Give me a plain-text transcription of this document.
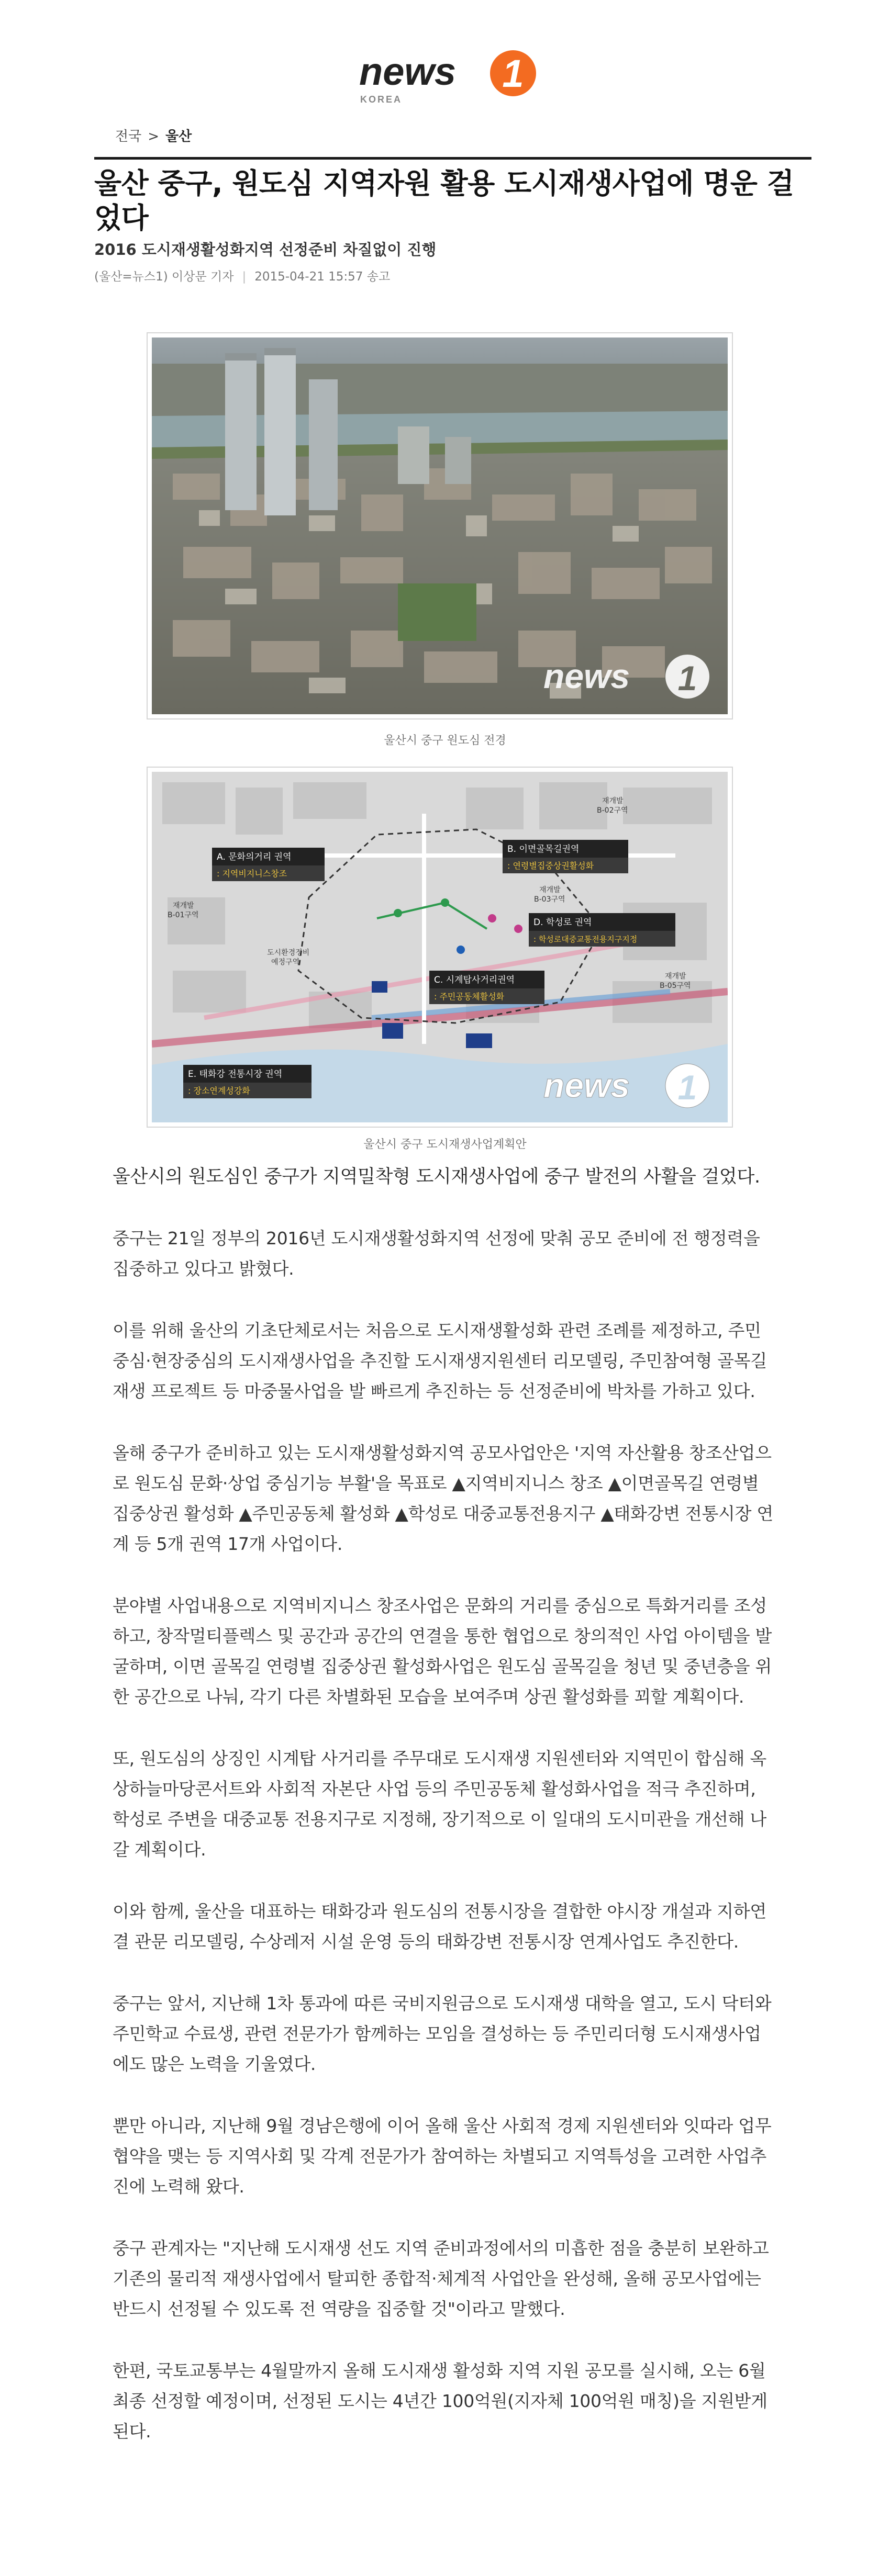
news 1
KOREA
전국 > 울산
울산 중구, 원도심 지역자원 활용 도시재생사업에 명운 걸었다
2016 도시재생활성화지역 선정준비 차질없이 진행
(울산=뉴스1) 이상문 기자 | 2015-04-21 15:57 송고
news 1
울산시 중구 원도심 전경
A. 문화의거리 권역
: 지역비지니스창조
B. 이면골목길권역
: 연령별집중상권활성화
D. 학성로 권역
: 학성로대중교통전용지구지정
C. 시계탑사거리권역
: 주민공동체활성화
E. 태화강 전통시장 권역
: 장소연계성강화
재개발 B-02구역
재개발 B-01구역
도시환경정비 예정구역
재개발 B-03구역
재개발 B-05구역
news 1
울산시 중구 도시재생사업계획안

울산시의 원도심인 중구가 지역밀착형 도시재생사업에 중구 발전의 사활을 걸었다.

중구는 21일 정부의 2016년 도시재생활성화지역 선정에 맞춰 공모 준비에 전 행정력을 집중하고 있다고 밝혔다.

이를 위해 울산의 기초단체로서는 처음으로 도시재생활성화 관련 조례를 제정하고, 주민중심·현장중심의 도시재생사업을 추진할 도시재생지원센터 리모델링, 주민참여형 골목길 재생 프로젝트 등 마중물사업을 발 빠르게 추진하는 등 선정준비에 박차를 가하고 있다.

올해 중구가 준비하고 있는 도시재생활성화지역 공모사업안은 '지역 자산활용 창조산업으로 원도심 문화·상업 중심기능 부활'을 목표로 ▲지역비지니스 창조 ▲이면골목길 연령별 집중상권 활성화 ▲주민공동체 활성화 ▲학성로 대중교통전용지구 ▲태화강변 전통시장 연계 등 5개 권역 17개 사업이다.

분야별 사업내용으로 지역비지니스 창조사업은 문화의 거리를 중심으로 특화거리를 조성하고, 창작멀티플렉스 및 공간과 공간의 연결을 통한 협업으로 창의적인 사업 아이템을 발굴하며, 이면 골목길 연령별 집중상권 활성화사업은 원도심 골목길을 청년 및 중년층을 위한 공간으로 나눠, 각기 다른 차별화된 모습을 보여주며 상권 활성화를 꾀할 계획이다.

또, 원도심의 상징인 시계탑 사거리를 주무대로 도시재생 지원센터와 지역민이 합심해 옥상하늘마당콘서트와 사회적 자본단 사업 등의 주민공동체 활성화사업을 적극 추진하며, 학성로 주변을 대중교통 전용지구로 지정해, 장기적으로 이 일대의 도시미관을 개선해 나갈 계획이다.

이와 함께, 울산을 대표하는 태화강과 원도심의 전통시장을 결합한 야시장 개설과 지하연결 관문 리모델링, 수상레저 시설 운영 등의 태화강변 전통시장 연계사업도 추진한다.

중구는 앞서, 지난해 1차 통과에 따른 국비지원금으로 도시재생 대학을 열고, 도시 닥터와 주민학교 수료생, 관련 전문가가 함께하는 모임을 결성하는 등 주민리더형 도시재생사업에도 많은 노력을 기울였다.

뿐만 아니라, 지난해 9월 경남은행에 이어 올해 울산 사회적 경제 지원센터와 잇따라 업무 협약을 맺는 등 지역사회 및 각계 전문가가 참여하는 차별되고 지역특성을 고려한 사업추진에 노력해 왔다.

중구 관계자는 "지난해 도시재생 선도 지역 준비과정에서의 미흡한 점을 충분히 보완하고 기존의 물리적 재생사업에서 탈피한 종합적·체계적 사업안을 완성해, 올해 공모사업에는 반드시 선정될 수 있도록 전 역량을 집중할 것"이라고 말했다.

한편, 국토교통부는 4월말까지 올해 도시재생 활성화 지역 지원 공모를 실시해, 오는 6월 최종 선정할 예정이며, 선정된 도시는 4년간 100억원(지자체 100억원 매칭)을 지원받게 된다.
